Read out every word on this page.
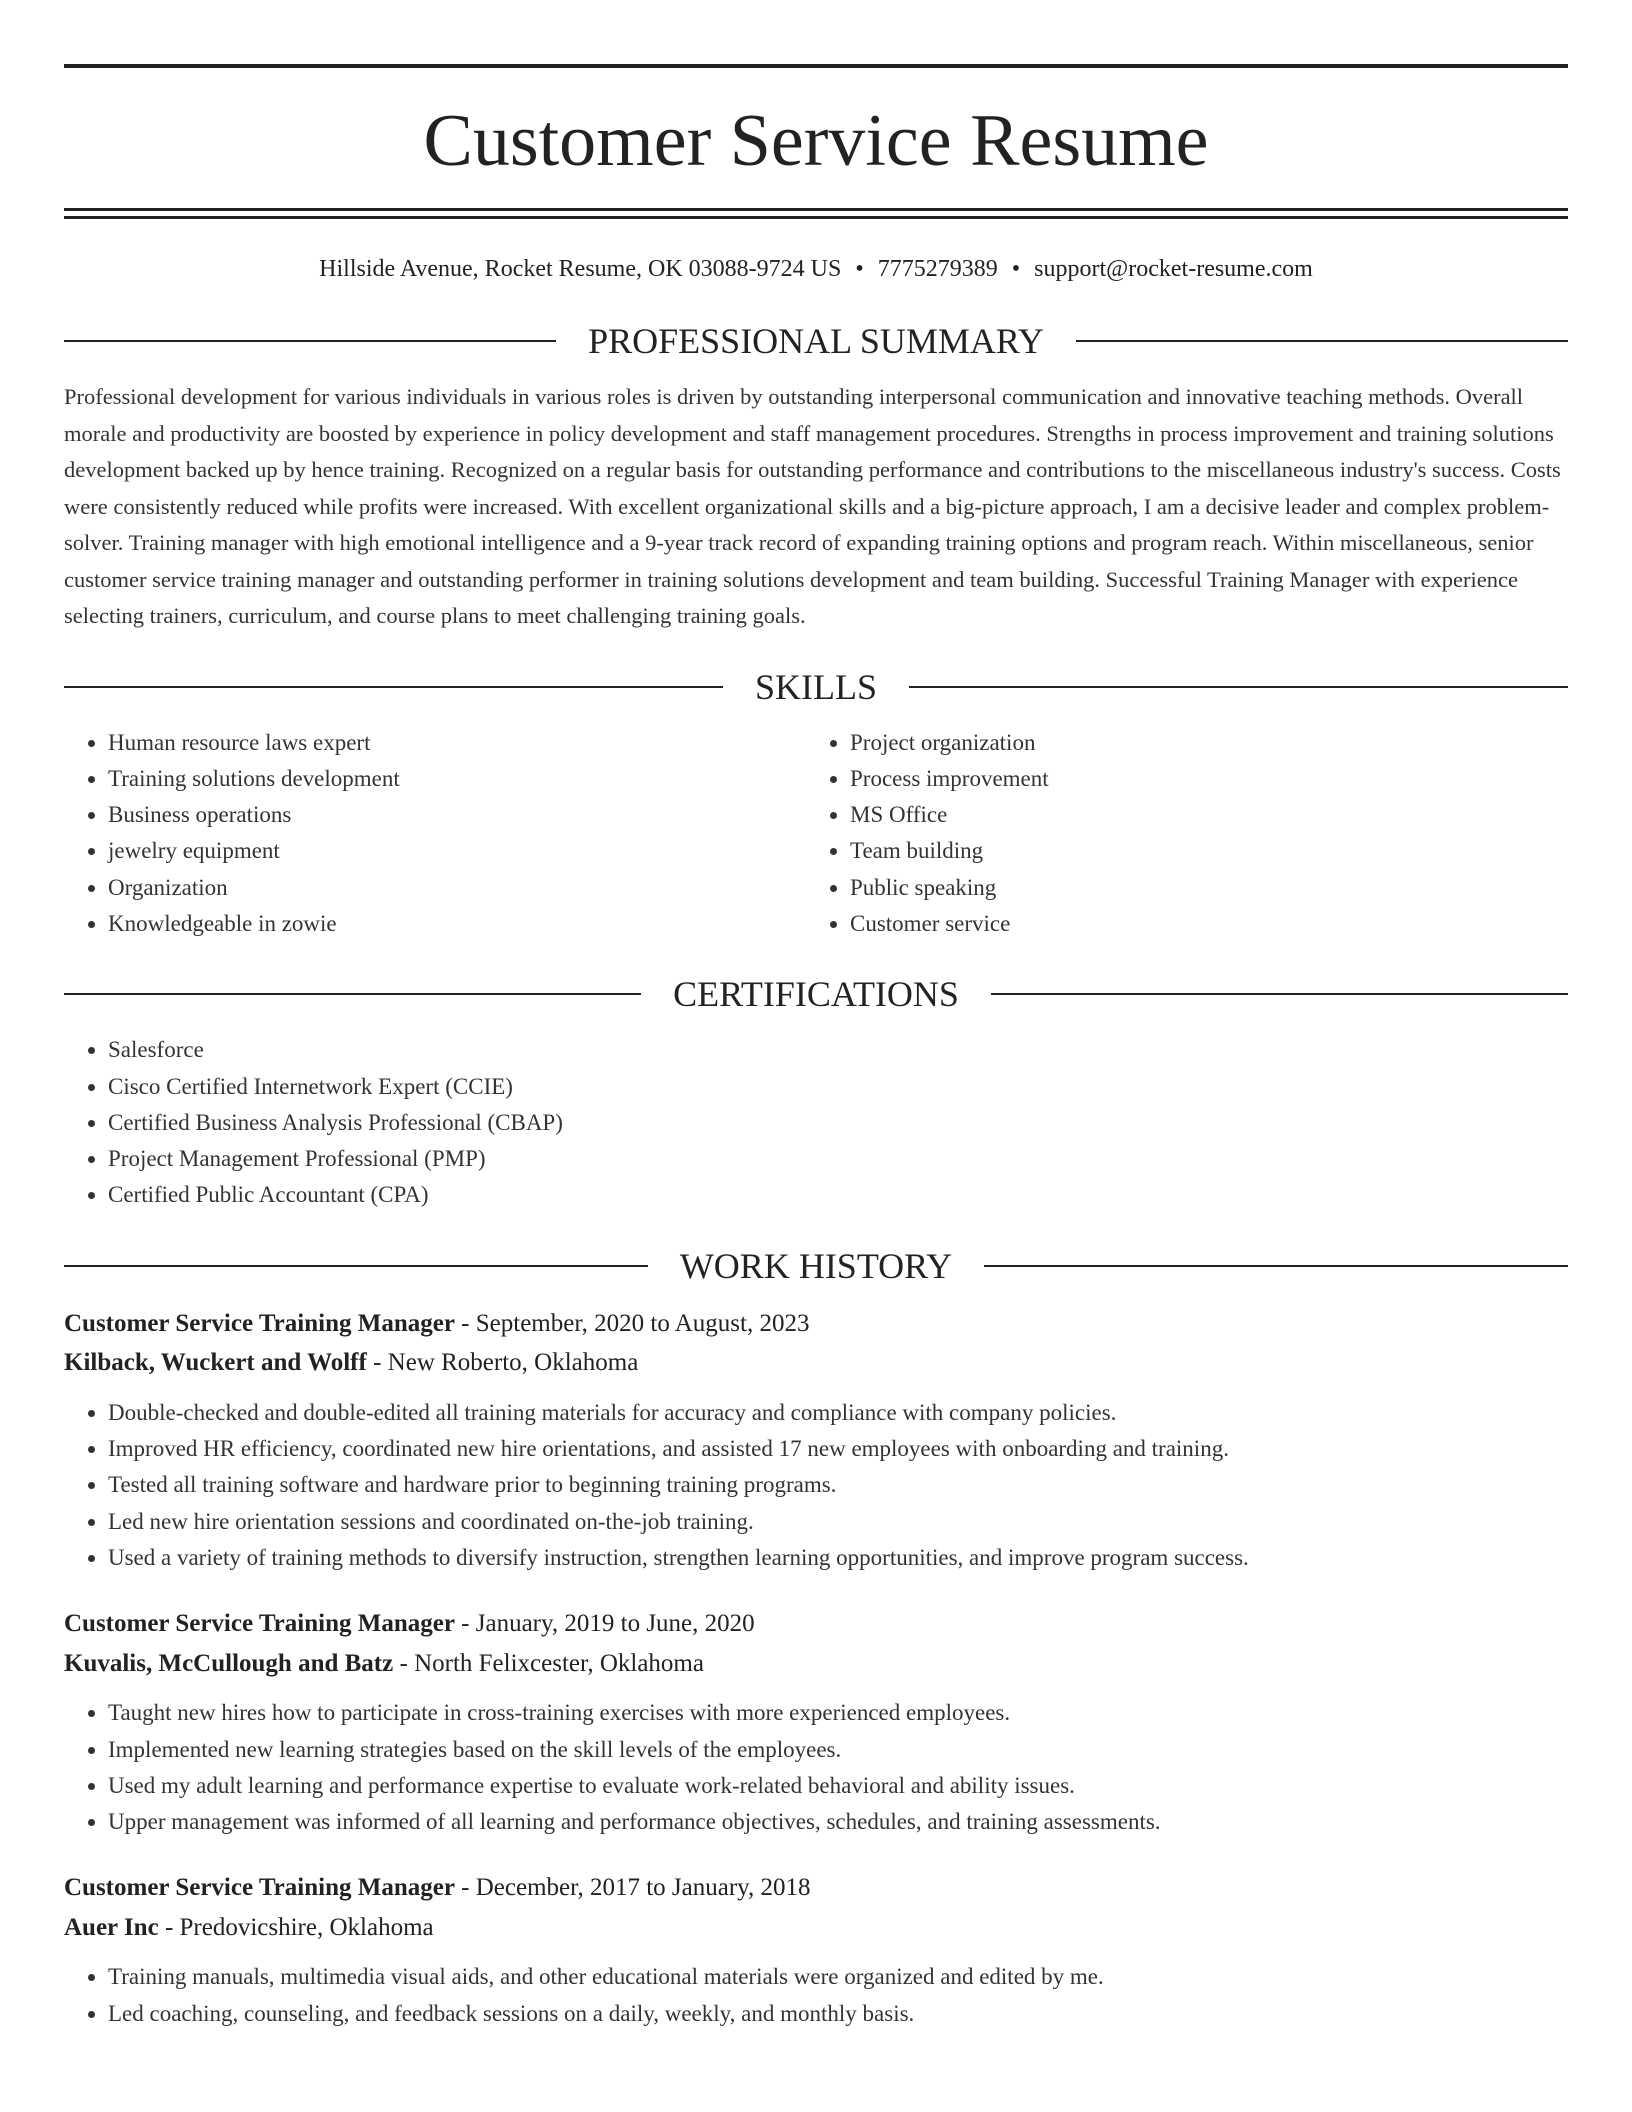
Customer Service Resume
Hillside Avenue, Rocket Resume, OK 03088-9724 US • 7775279389 • support@rocket-resume.com
PROFESSIONAL SUMMARY
Professional development for various individuals in various roles is driven by outstanding interpersonal communication and innovative teaching methods. Overall morale and productivity are boosted by experience in policy development and staff management procedures. Strengths in process improvement and training solutions development backed up by hence training. Recognized on a regular basis for outstanding performance and contributions to the miscellaneous industry's success. Costs were consistently reduced while profits were increased. With excellent organizational skills and a big-picture approach, I am a decisive leader and complex problem-solver. Training manager with high emotional intelligence and a 9-year track record of expanding training options and program reach. Within miscellaneous, senior customer service training manager and outstanding performer in training solutions development and team building. Successful Training Manager with experience selecting trainers, curriculum, and course plans to meet challenging training goals.
SKILLS
• Human resource laws expert
• Training solutions development
• Business operations
• jewelry equipment
• Organization
• Knowledgeable in zowie
• Project organization
• Process improvement
• MS Office
• Team building
• Public speaking
• Customer service
CERTIFICATIONS
• Salesforce
• Cisco Certified Internetwork Expert (CCIE)
• Certified Business Analysis Professional (CBAP)
• Project Management Professional (PMP)
• Certified Public Accountant (CPA)
WORK HISTORY
Customer Service Training Manager - September, 2020 to August, 2023
Kilback, Wuckert and Wolff - New Roberto, Oklahoma
• Double-checked and double-edited all training materials for accuracy and compliance with company policies.
• Improved HR efficiency, coordinated new hire orientations, and assisted 17 new employees with onboarding and training.
• Tested all training software and hardware prior to beginning training programs.
• Led new hire orientation sessions and coordinated on-the-job training.
• Used a variety of training methods to diversify instruction, strengthen learning opportunities, and improve program success.
Customer Service Training Manager - January, 2019 to June, 2020
Kuvalis, McCullough and Batz - North Felixcester, Oklahoma
• Taught new hires how to participate in cross-training exercises with more experienced employees.
• Implemented new learning strategies based on the skill levels of the employees.
• Used my adult learning and performance expertise to evaluate work-related behavioral and ability issues.
• Upper management was informed of all learning and performance objectives, schedules, and training assessments.
Customer Service Training Manager - December, 2017 to January, 2018
Auer Inc - Predovicshire, Oklahoma
• Training manuals, multimedia visual aids, and other educational materials were organized and edited by me.
• Led coaching, counseling, and feedback sessions on a daily, weekly, and monthly basis.
